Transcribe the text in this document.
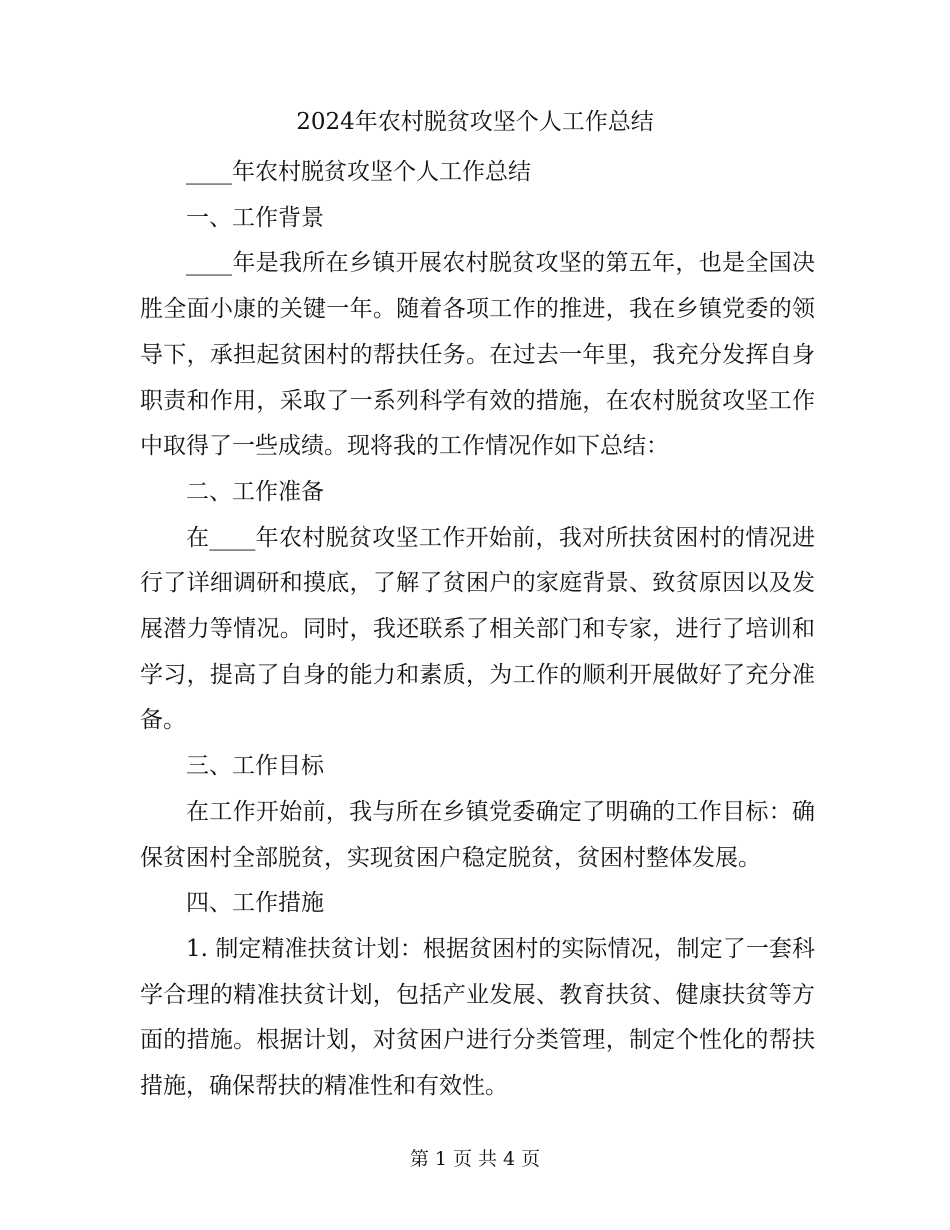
2024年农村脱贫攻坚个人工作总结

____年农村脱贫攻坚个人工作总结

一、工作背景

____年是我所在乡镇开展农村脱贫攻坚的第五年，也是全国决胜全面小康的关键一年。随着各项工作的推进，我在乡镇党委的领导下，承担起贫困村的帮扶任务。在过去一年里，我充分发挥自身职责和作用，采取了一系列科学有效的措施，在农村脱贫攻坚工作中取得了一些成绩。现将我的工作情况作如下总结：

二、工作准备

在____年农村脱贫攻坚工作开始前，我对所扶贫困村的情况进行了详细调研和摸底，了解了贫困户的家庭背景、致贫原因以及发展潜力等情况。同时，我还联系了相关部门和专家，进行了培训和学习，提高了自身的能力和素质，为工作的顺利开展做好了充分准备。

三、工作目标

在工作开始前，我与所在乡镇党委确定了明确的工作目标：确保贫困村全部脱贫，实现贫困户稳定脱贫，贫困村整体发展。

四、工作措施

1. 制定精准扶贫计划：根据贫困村的实际情况，制定了一套科学合理的精准扶贫计划，包括产业发展、教育扶贫、健康扶贫等方面的措施。根据计划，对贫困户进行分类管理，制定个性化的帮扶措施，确保帮扶的精准性和有效性。

第 1 页 共 4 页
